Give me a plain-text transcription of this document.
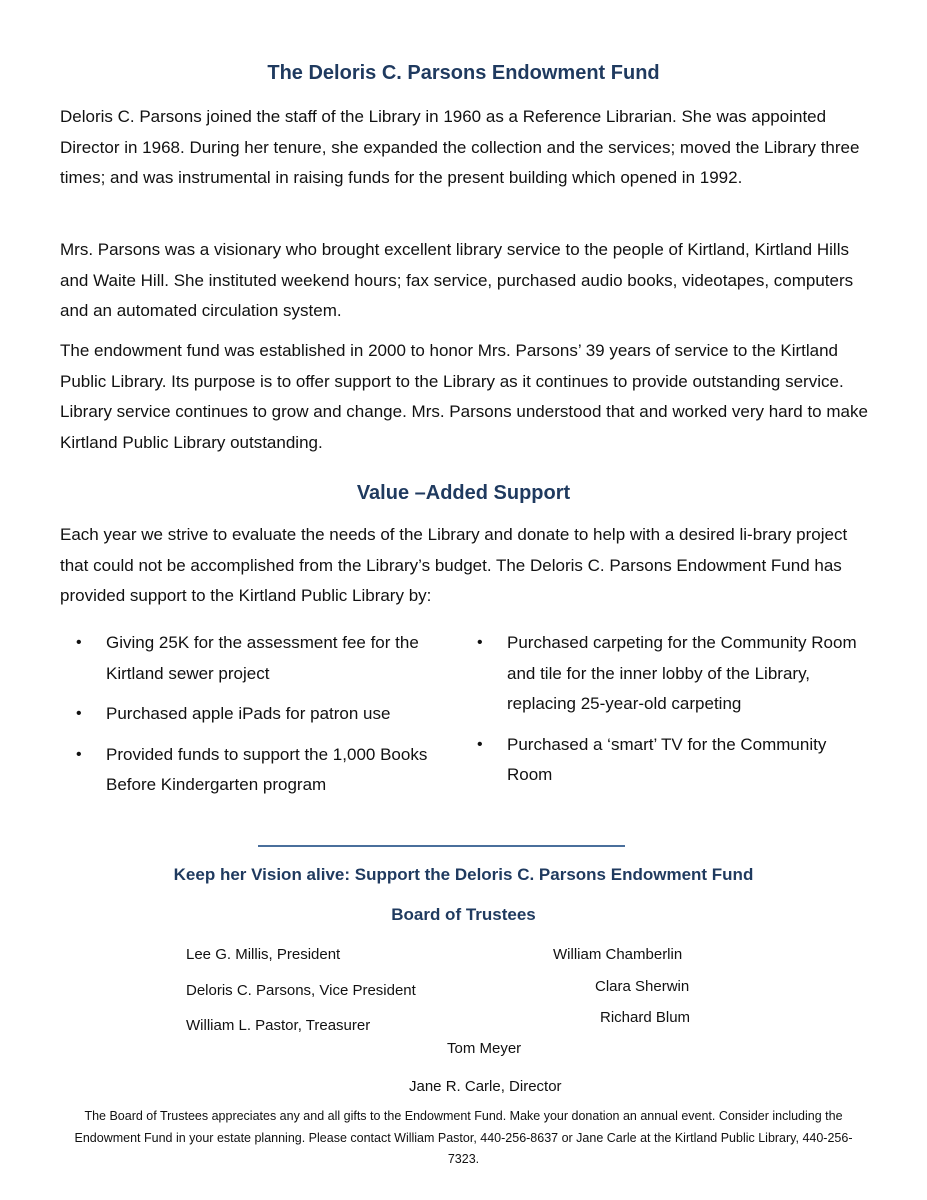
The Deloris C. Parsons Endowment Fund
Deloris C. Parsons joined the staff of the Library in 1960 as a Reference Librarian. She was appointed Director in 1968. During her tenure, she expanded the collection and the services; moved the Library three times; and was instrumental in raising funds for the present building which opened in 1992.
Mrs. Parsons was a visionary who brought excellent library service to the people of Kirtland, Kirtland Hills and Waite Hill. She instituted weekend hours; fax service, purchased audio books, videotapes, computers and an automated circulation system.
The endowment fund was established in 2000 to honor Mrs. Parsons’ 39 years of service to the Kirtland Public Library. Its purpose is to offer support to the Library as it continues to provide outstanding service. Library service continues to grow and change. Mrs. Parsons understood that and worked very hard to make Kirtland Public Library outstanding.
Value –Added Support
Each year we strive to evaluate the needs of the Library and donate to help with a desired li-brary project that could not be accomplished from the Library’s budget. The Deloris C. Parsons Endowment Fund has provided support to the Kirtland Public Library by:
• Giving 25K for the assessment fee for the Kirtland sewer project
• Purchased apple iPads for patron use
• Provided funds to support the 1,000 Books Before Kindergarten program
• Purchased carpeting for the Community Room and tile for the inner lobby of the Library, replacing 25-year-old carpeting
• Purchased a ‘smart’ TV for the Community Room
Keep her Vision alive: Support the Deloris C. Parsons Endowment Fund
Board of Trustees
Lee G. Millis, President
Deloris C. Parsons, Vice President
William L. Pastor, Treasurer
William Chamberlin
Clara Sherwin
Richard Blum
Tom Meyer
Jane R. Carle, Director
The Board of Trustees appreciates any and all gifts to the Endowment Fund. Make your donation an annual event. Consider including the Endowment Fund in your estate planning. Please contact William Pastor, 440-256-8637 or Jane Carle at the Kirtland Public Library, 440-256-7323.
